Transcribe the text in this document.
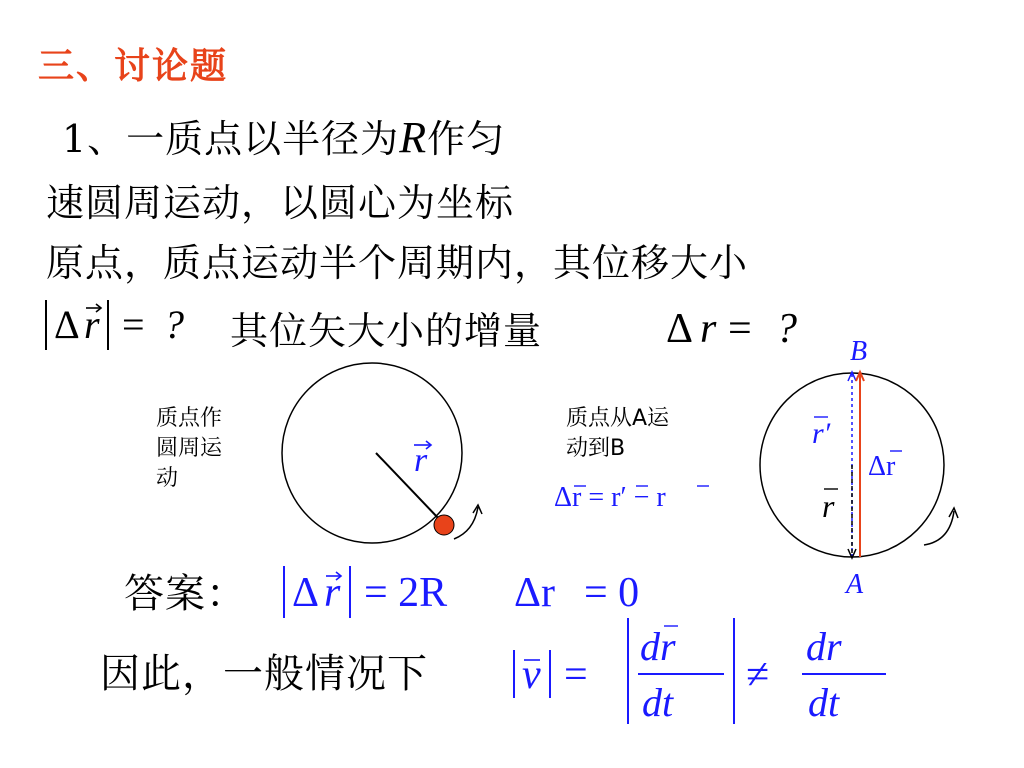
三、讨论题
1、一质点以半径为R作匀
速圆周运动，以圆心为坐标
原点，质点运动半个周期内，其位移大小
Δ r = ? 其位矢大小的增量	Δ r = ?
质点作
圆周运
动	r
质点从A运
动到B
Δr = r′ − r
B
A
r′
Δr
r
答案： Δ r = 2R Δr = 0
因此，一般情况下 v =
dr
dt
≠
dr
dt
